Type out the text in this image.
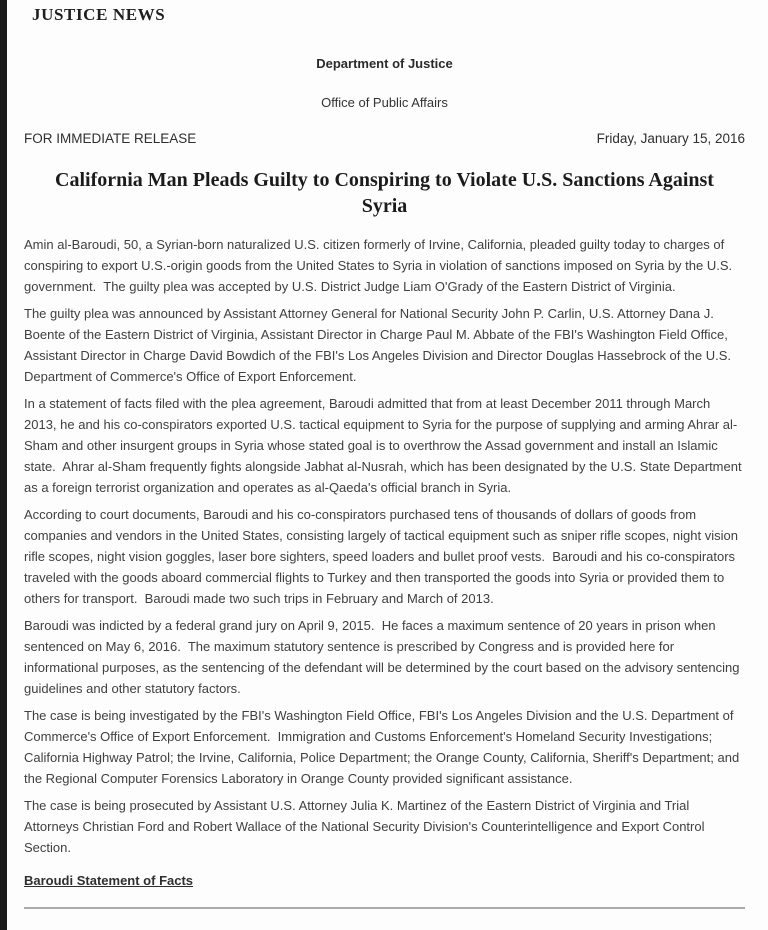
JUSTICE NEWS
Department of Justice
Office of Public Affairs
FOR IMMEDIATE RELEASE	Friday, January 15, 2016
California Man Pleads Guilty to Conspiring to Violate U.S. Sanctions Against Syria

Amin al-Baroudi, 50, a Syrian-born naturalized U.S. citizen formerly of Irvine, California, pleaded guilty today to charges of conspiring to export U.S.-origin goods from the United States to Syria in violation of sanctions imposed on Syria by the U.S. government.  The guilty plea was accepted by U.S. District Judge Liam O'Grady of the Eastern District of Virginia.

The guilty plea was announced by Assistant Attorney General for National Security John P. Carlin, U.S. Attorney Dana J. Boente of the Eastern District of Virginia, Assistant Director in Charge Paul M. Abbate of the FBI's Washington Field Office, Assistant Director in Charge David Bowdich of the FBI's Los Angeles Division and Director Douglas Hassebrock of the U.S. Department of Commerce's Office of Export Enforcement.

In a statement of facts filed with the plea agreement, Baroudi admitted that from at least December 2011 through March 2013, he and his co-conspirators exported U.S. tactical equipment to Syria for the purpose of supplying and arming Ahrar al-Sham and other insurgent groups in Syria whose stated goal is to overthrow the Assad government and install an Islamic state.  Ahrar al-Sham frequently fights alongside Jabhat al-Nusrah, which has been designated by the U.S. State Department as a foreign terrorist organization and operates as al-Qaeda's official branch in Syria.

According to court documents, Baroudi and his co-conspirators purchased tens of thousands of dollars of goods from companies and vendors in the United States, consisting largely of tactical equipment such as sniper rifle scopes, night vision rifle scopes, night vision goggles, laser bore sighters, speed loaders and bullet proof vests.  Baroudi and his co-conspirators traveled with the goods aboard commercial flights to Turkey and then transported the goods into Syria or provided them to others for transport.  Baroudi made two such trips in February and March of 2013.

Baroudi was indicted by a federal grand jury on April 9, 2015.  He faces a maximum sentence of 20 years in prison when sentenced on May 6, 2016.  The maximum statutory sentence is prescribed by Congress and is provided here for informational purposes, as the sentencing of the defendant will be determined by the court based on the advisory sentencing guidelines and other statutory factors.

The case is being investigated by the FBI's Washington Field Office, FBI's Los Angeles Division and the U.S. Department of Commerce's Office of Export Enforcement.  Immigration and Customs Enforcement's Homeland Security Investigations; California Highway Patrol; the Irvine, California, Police Department; the Orange County, California, Sheriff's Department; and the Regional Computer Forensics Laboratory in Orange County provided significant assistance.

The case is being prosecuted by Assistant U.S. Attorney Julia K. Martinez of the Eastern District of Virginia and Trial Attorneys Christian Ford and Robert Wallace of the National Security Division's Counterintelligence and Export Control Section.

Baroudi Statement of Facts
